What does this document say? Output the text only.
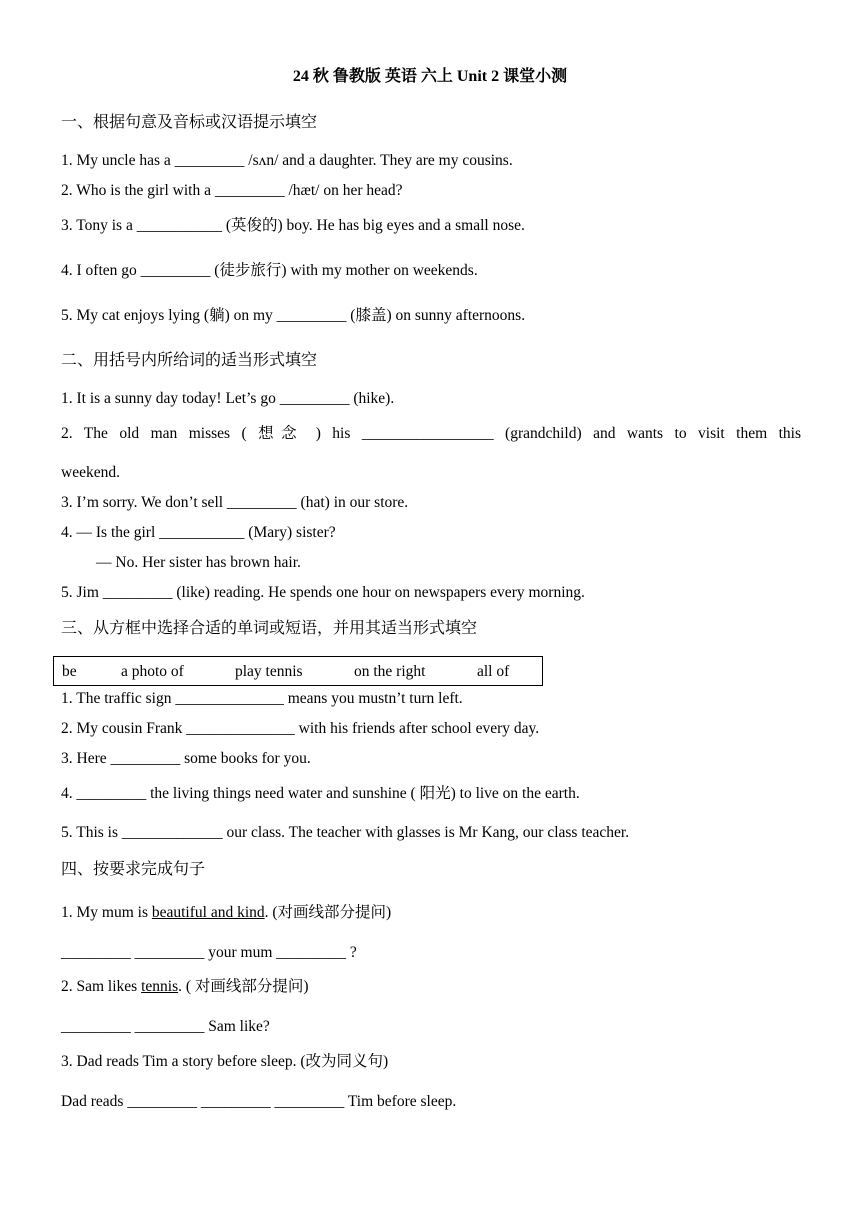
24 秋 鲁教版 英语 六上 Unit 2 课堂小测
一、根据句意及音标或汉语提示填空
1. My uncle has a _________ /sʌn/ and a daughter. They are my cousins.
2. Who is the girl with a _________ /hæt/ on her head?
3. Tony is a ___________ (英俊的) boy. He has big eyes and a small nose.
4. I often go _________ (徒步旅行) with my mother on weekends.
5. My cat enjoys lying (躺) on my _________ (膝盖) on sunny afternoons.
二、用括号内所给词的适当形式填空
1. It is a sunny day today! Let’s go _________ (hike).
2. The old man misses ( 想念 ) his _________________ (grandchild) and wants to visit them this
weekend.
3. I’m sorry. We don’t sell _________ (hat) in our store.
4. — Is the girl ___________ (Mary) sister?
— No. Her sister has brown hair.
5. Jim _________ (like) reading. He spends one hour on newspapers every morning.
三、从方框中选择合适的单词或短语，并用其适当形式填空
be	a photo of	play tennis	on the right	all of
1. The traffic sign ______________ means you mustn’t turn left.
2. My cousin Frank ______________ with his friends after school every day.
3. Here _________ some books for you.
4. _________ the living things need water and sunshine ( 阳光) to live on the earth.
5. This is _____________ our class. The teacher with glasses is Mr Kang, our class teacher.
四、按要求完成句子
1. My mum is beautiful and kind. (对画线部分提问)
_________ _________ your mum _________ ?
2. Sam likes tennis. ( 对画线部分提问)
_________ _________ Sam like?
3. Dad reads Tim a story before sleep. (改为同义句)
Dad reads _________ _________ _________ Tim before sleep.
